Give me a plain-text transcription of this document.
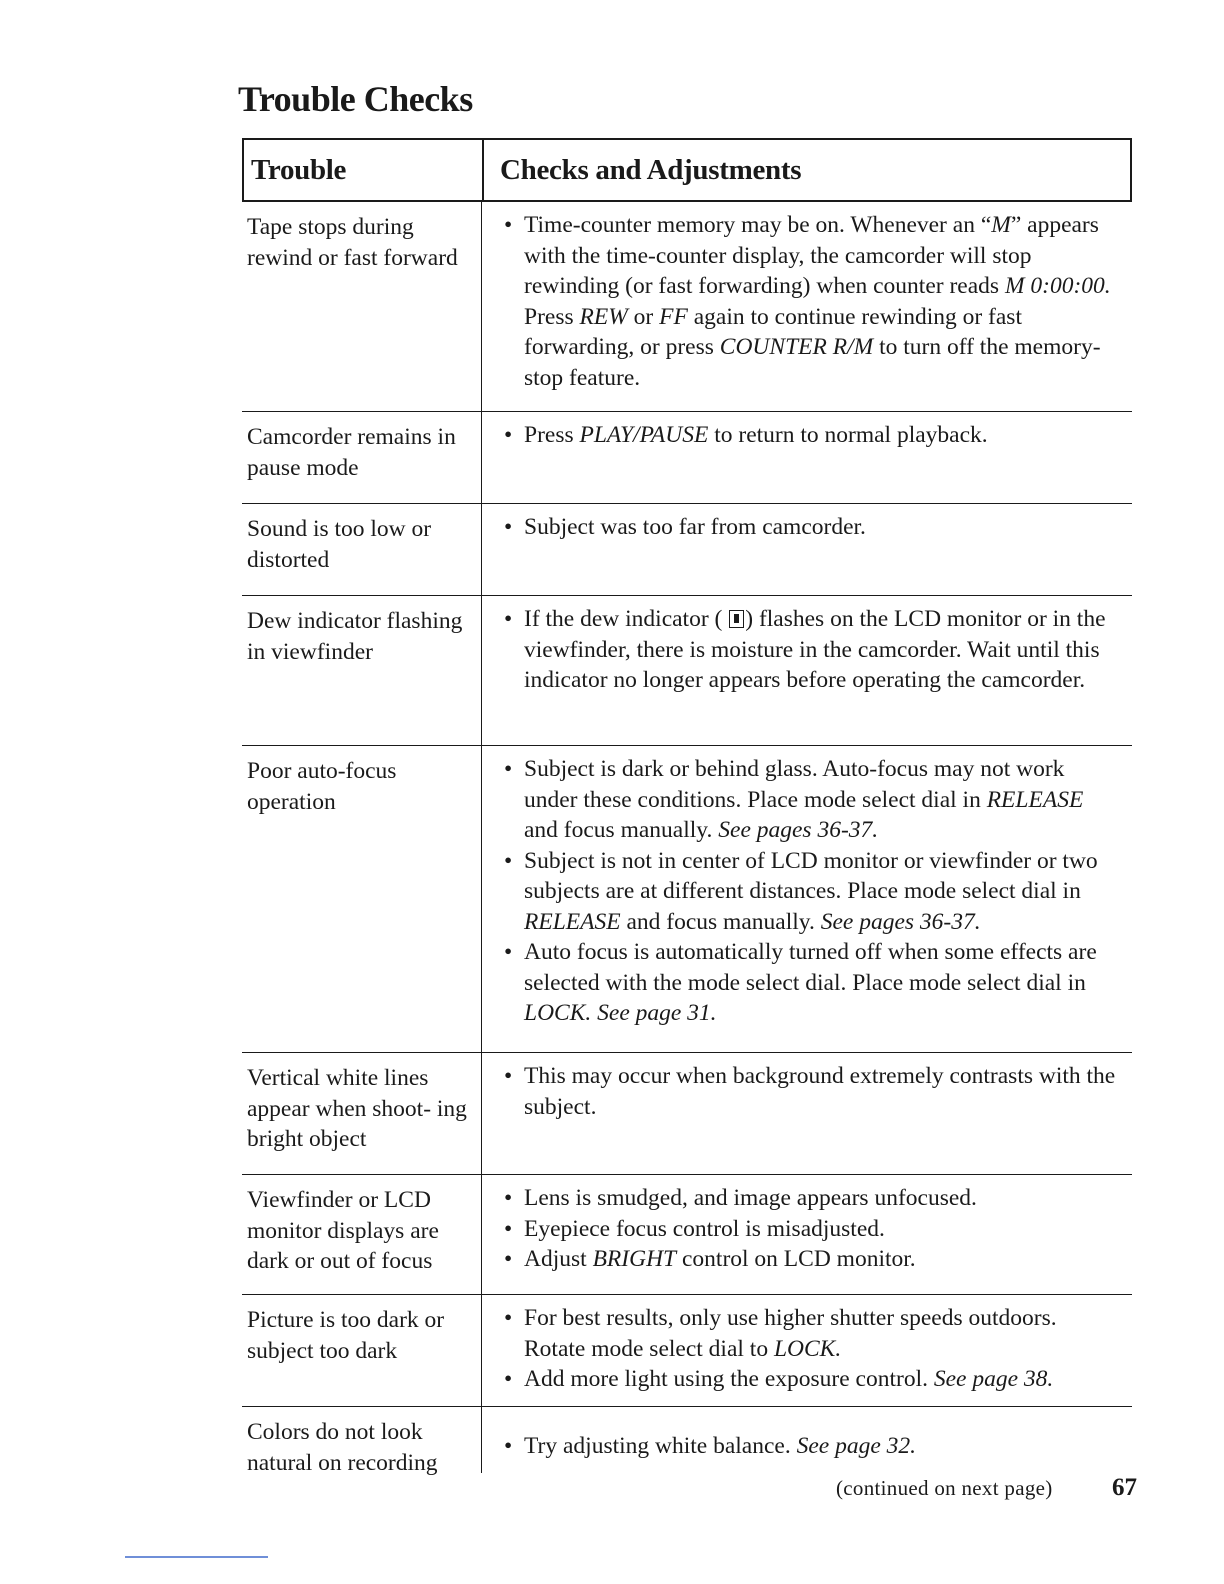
Trouble Checks
Trouble	Checks and Adjustments
Tape stops during rewind or fast forward
• Time-counter memory may be on. Whenever an “M” appears with the time-counter display, the camcorder will stop rewinding (or fast forwarding) when counter reads M 0:00:00. Press REW or FF again to continue rewinding or fast forwarding, or press COUNTER R/M to turn off the memory-stop feature.
Camcorder remains in pause mode
• Press PLAY/PAUSE to return to normal playback.
Sound is too low or distorted
• Subject was too far from camcorder.
Dew indicator flashing in viewfinder
• If the dew indicator ( ) flashes on the LCD monitor or in the viewfinder, there is moisture in the camcorder. Wait until this indicator no longer appears before operating the camcorder.
Poor auto-focus operation
• Subject is dark or behind glass. Auto-focus may not work under these conditions. Place mode select dial in RELEASE and focus manually. See pages 36-37.
• Subject is not in center of LCD monitor or viewfinder or two subjects are at different distances. Place mode select dial in RELEASE and focus manually. See pages 36-37.
• Auto focus is automatically turned off when some effects are selected with the mode select dial. Place mode select dial in LOCK. See page 31.
Vertical white lines appear when shoot- ing bright object
• This may occur when background extremely contrasts with the subject.
Viewfinder or LCD monitor displays are dark or out of focus
• Lens is smudged, and image appears unfocused.
• Eyepiece focus control is misadjusted.
• Adjust BRIGHT control on LCD monitor.
Picture is too dark or subject too dark
• For best results, only use higher shutter speeds outdoors. Rotate mode select dial to LOCK.
• Add more light using the exposure control. See page 38.
Colors do not look natural on recording
• Try adjusting white balance. See page 32.
(continued on next page) 67
